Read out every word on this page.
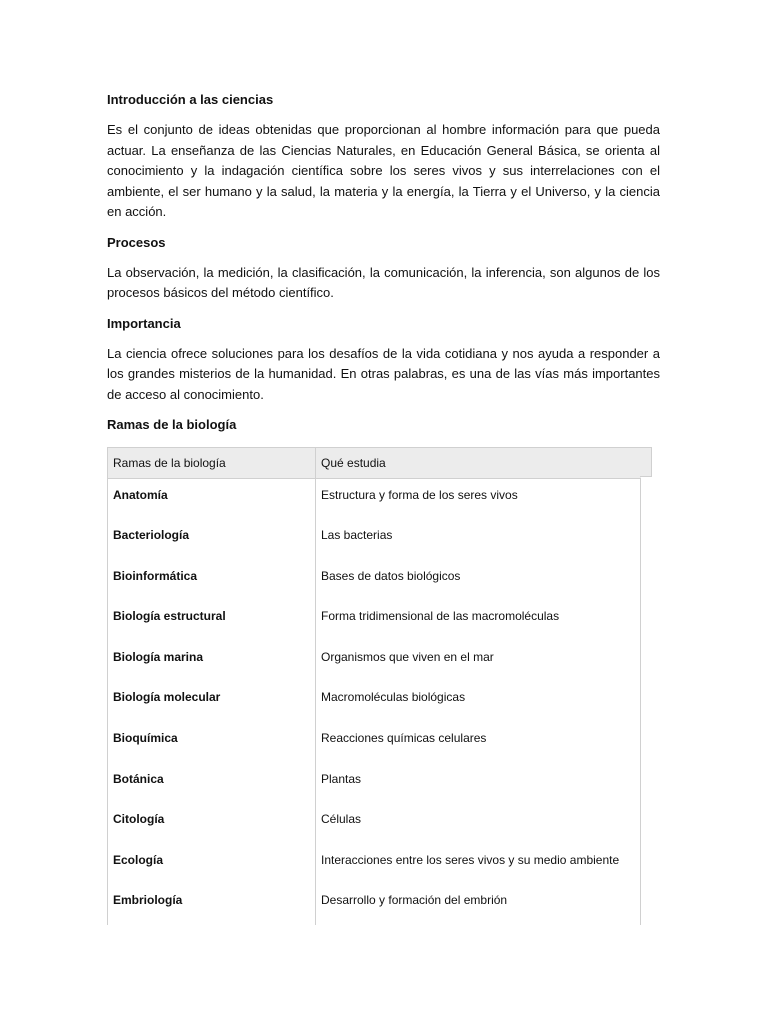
Introducción a las ciencias

Es el conjunto de ideas obtenidas que proporcionan al hombre información para que pueda actuar. La enseñanza de las Ciencias Naturales, en Educación General Básica, se orienta al conocimiento y la indagación científica sobre los seres vivos y sus interrelaciones con el ambiente, el ser humano y la salud, la materia y la energía, la Tierra y el Universo, y la ciencia en acción.

Procesos

La observación, la medición, la clasificación, la comunicación, la inferencia, son algunos de los procesos básicos del método científico.

Importancia

La ciencia ofrece soluciones para los desafíos de la vida cotidiana y nos ayuda a responder a los grandes misterios de la humanidad. En otras palabras, es una de las vías más importantes de acceso al conocimiento.

Ramas de la biología
Ramas de la biología	Qué estudia
Anatomía	Estructura y forma de los seres vivos
Bacteriología	Las bacterias
Bioinformática	Bases de datos biológicos
Biología estructural	Forma tridimensional de las macromoléculas
Biología marina	Organismos que viven en el mar
Biología molecular	Macromoléculas biológicas
Bioquímica	Reacciones químicas celulares
Botánica	Plantas
Citología	Células
Ecología	Interacciones entre los seres vivos y su medio ambiente
Embriología	Desarrollo y formación del embrión
